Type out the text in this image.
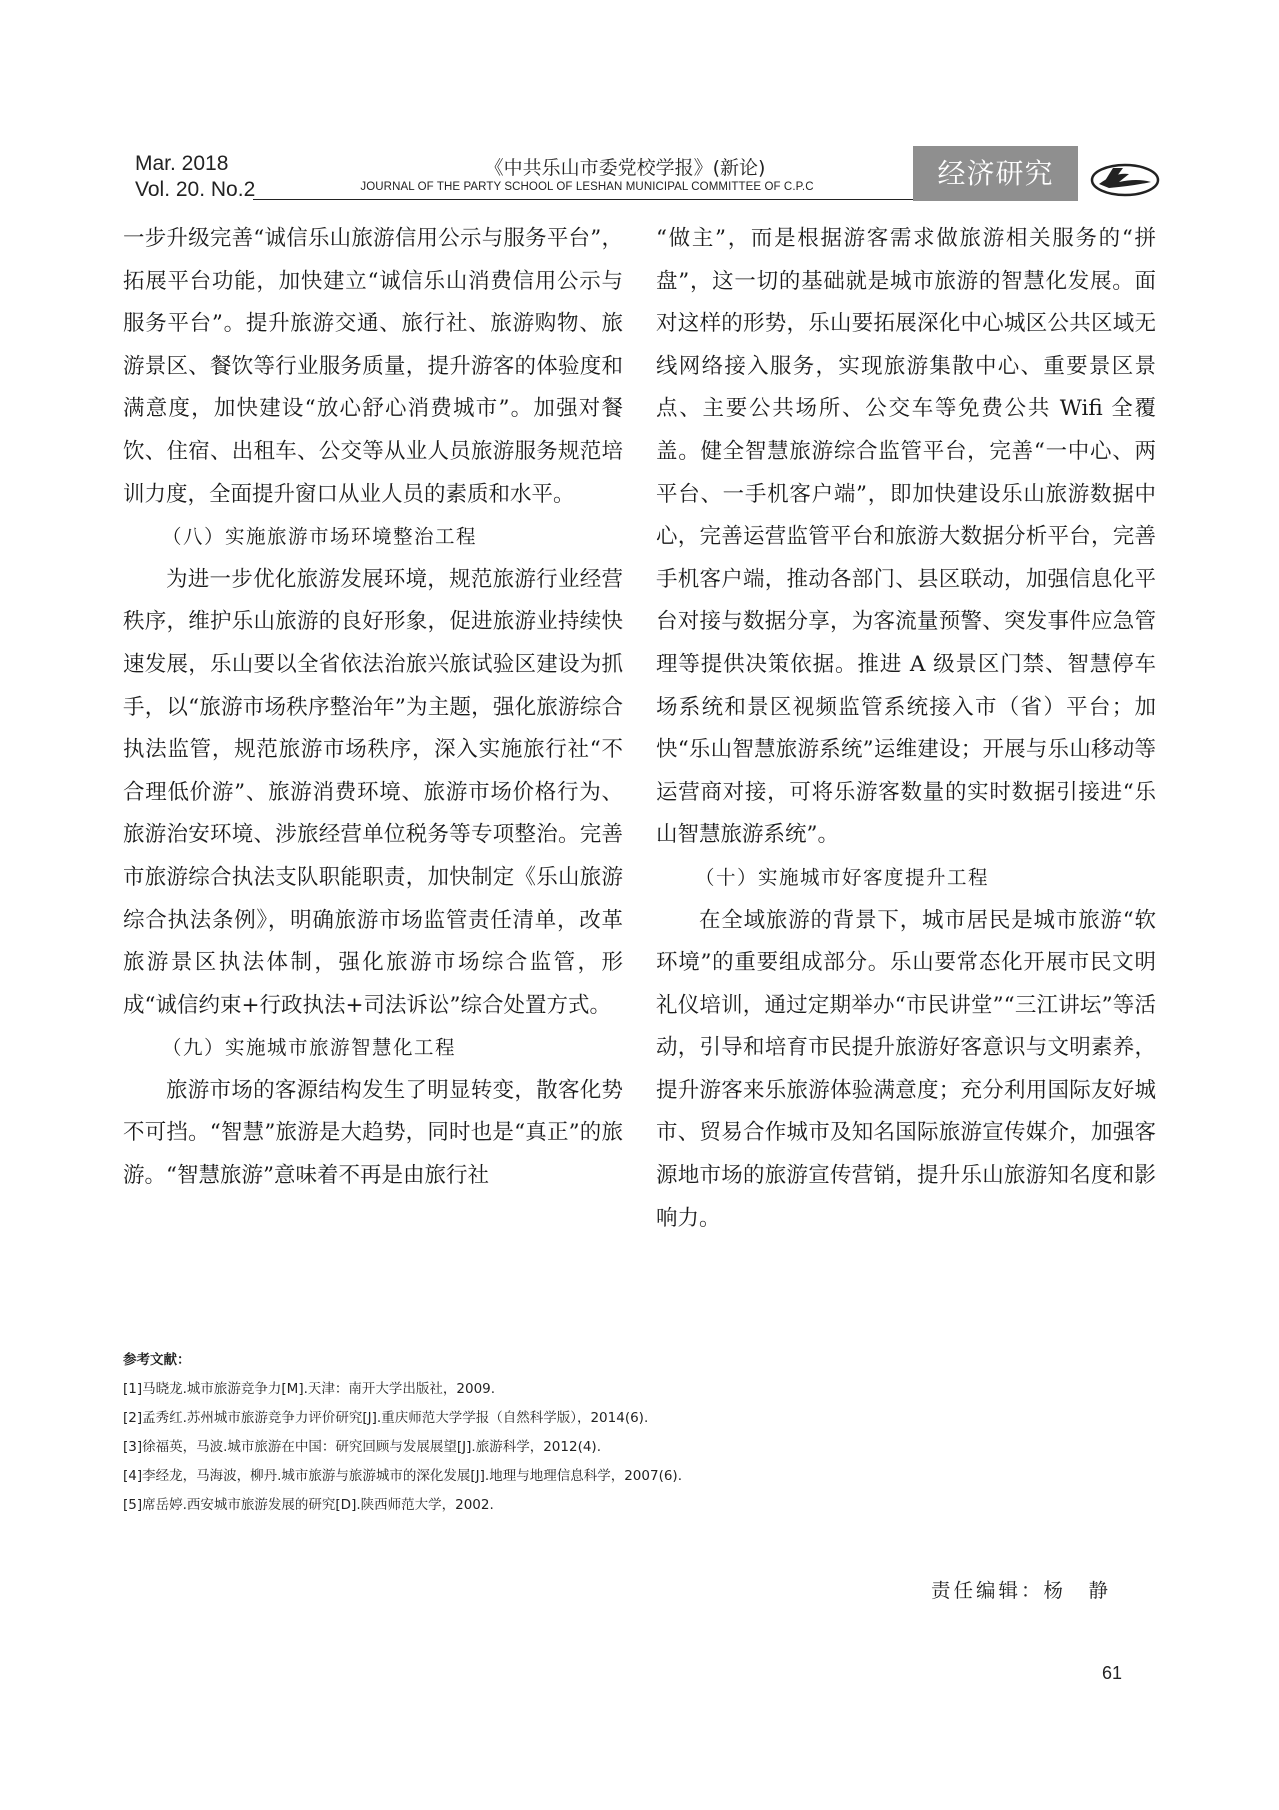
Mar. 2018
Vol. 20. No.2
《中共乐山市委党校学报》(新论)
JOURNAL OF THE PARTY SCHOOL OF LESHAN MUNICIPAL COMMITTEE OF C.P.C	经济研究

一步升级完善“诚信乐山旅游信用公示与服务平台”，拓展平台功能，加快建立“诚信乐山消费信用公示与服务平台”。提升旅游交通、旅行社、旅游购物、旅游景区、餐饮等行业服务质量，提升游客的体验度和满意度，加快建设“放心舒心消费城市”。加强对餐饮、住宿、出租车、公交等从业人员旅游服务规范培训力度，全面提升窗口从业人员的素质和水平。

（八）实施旅游市场环境整治工程

为进一步优化旅游发展环境，规范旅游行业经营秩序，维护乐山旅游的良好形象，促进旅游业持续快速发展，乐山要以全省依法治旅兴旅试验区建设为抓手，以“旅游市场秩序整治年”为主题，强化旅游综合执法监管，规范旅游市场秩序，深入实施旅行社“不合理低价游”、旅游消费环境、旅游市场价格行为、旅游治安环境、涉旅经营单位税务等专项整治。完善市旅游综合执法支队职能职责，加快制定《乐山旅游综合执法条例》，明确旅游市场监管责任清单，改革旅游景区执法体制，强化旅游市场综合监管，形成“诚信约束+行政执法+司法诉讼”综合处置方式。

（九）实施城市旅游智慧化工程

旅游市场的客源结构发生了明显转变，散客化势不可挡。“智慧”旅游是大趋势，同时也是“真正”的旅游。“智慧旅游”意味着不再是由旅行社

“做主”，而是根据游客需求做旅游相关服务的“拼盘”，这一切的基础就是城市旅游的智慧化发展。面对这样的形势，乐山要拓展深化中心城区公共区域无线网络接入服务，实现旅游集散中心、重要景区景点、主要公共场所、公交车等免费公共 Wifi 全覆盖。健全智慧旅游综合监管平台，完善“一中心、两平台、一手机客户端”，即加快建设乐山旅游数据中心，完善运营监管平台和旅游大数据分析平台，完善手机客户端，推动各部门、县区联动，加强信息化平台对接与数据分享，为客流量预警、突发事件应急管理等提供决策依据。推进 A 级景区门禁、智慧停车场系统和景区视频监管系统接入市（省）平台；加快“乐山智慧旅游系统”运维建设；开展与乐山移动等运营商对接，可将乐游客数量的实时数据引接进“乐山智慧旅游系统”。

（十）实施城市好客度提升工程

在全域旅游的背景下，城市居民是城市旅游“软环境”的重要组成部分。乐山要常态化开展市民文明礼仪培训，通过定期举办“市民讲堂”“三江讲坛”等活动，引导和培育市民提升旅游好客意识与文明素养，提升游客来乐旅游体验满意度；充分利用国际友好城市、贸易合作城市及知名国际旅游宣传媒介，加强客源地市场的旅游宣传营销，提升乐山旅游知名度和影响力。

参考文献：
[1]马晓龙.城市旅游竞争力[M].天津：南开大学出版社，2009.
[2]孟秀红.苏州城市旅游竞争力评价研究[J].重庆师范大学学报（自然科学版），2014(6).
[3]徐福英，马波.城市旅游在中国：研究回顾与发展展望[J].旅游科学，2012(4).
[4]李经龙，马海波，柳丹.城市旅游与旅游城市的深化发展[J].地理与地理信息科学，2007(6).
[5]席岳婷.西安城市旅游发展的研究[D].陕西师范大学，2002.
责任编辑：杨　静
61
